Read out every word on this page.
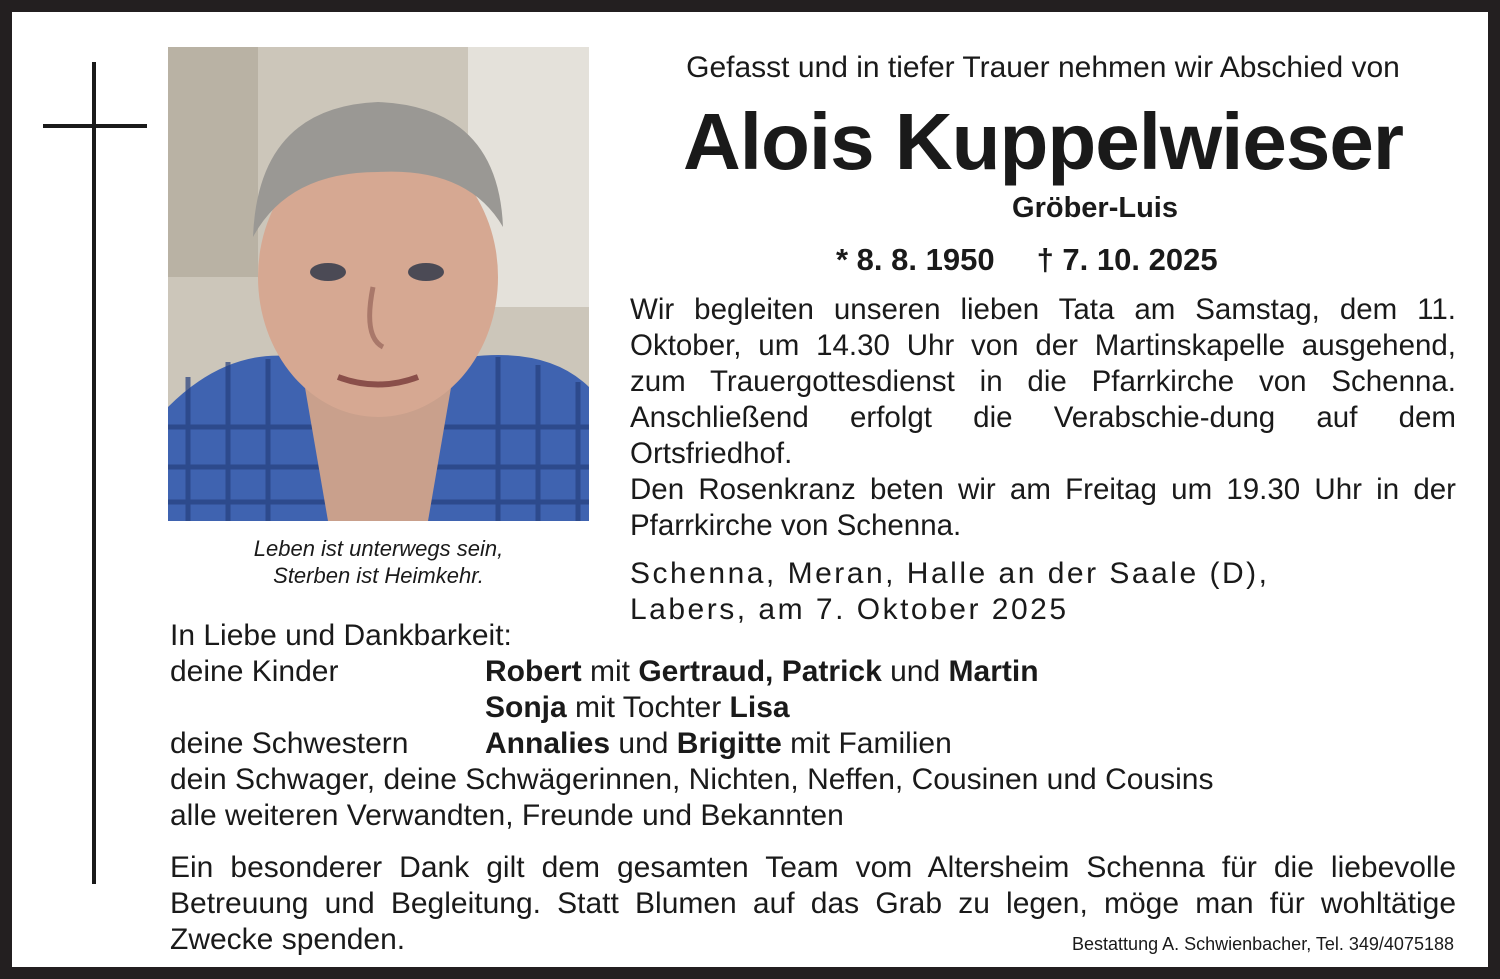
Leben ist unterwegs sein,
Sterben ist Heimkehr.
Gefasst und in tiefer Trauer nehmen wir Abschied von
Alois Kuppelwieser
Gröber-Luis
* 8. 8. 1950 † 7. 10. 2025

Wir begleiten unseren lieben Tata am Samstag, dem 11. Oktober, um 14.30 Uhr von der Martinskapelle ausgehend, zum Trauergottesdienst in die Pfarrkirche von Schenna. Anschließend erfolgt die Verabschie-dung auf dem Ortsfriedhof.

Den Rosenkranz beten wir am Freitag um 19.30 Uhr in der Pfarrkirche von Schenna.

Schenna, Meran, Halle an der Saale (D),
Labers, am 7. Oktober 2025
In Liebe und Dankbarkeit:
deine Kinder	Robert mit Gertraud, Patrick und Martin
Sonja mit Tochter Lisa
deine Schwestern	Annalies und Brigitte mit Familien
dein Schwager, deine Schwägerinnen, Nichten, Neffen, Cousinen und Cousins
alle weiteren Verwandten, Freunde und Bekannten

Ein besonderer Dank gilt dem gesamten Team vom Altersheim Schenna für die liebevolle Betreuung und Begleitung. Statt Blumen auf das Grab zu legen, möge man für wohltätige Zwecke spenden.	Bestattung A. Schwienbacher, Tel. 349/4075188
